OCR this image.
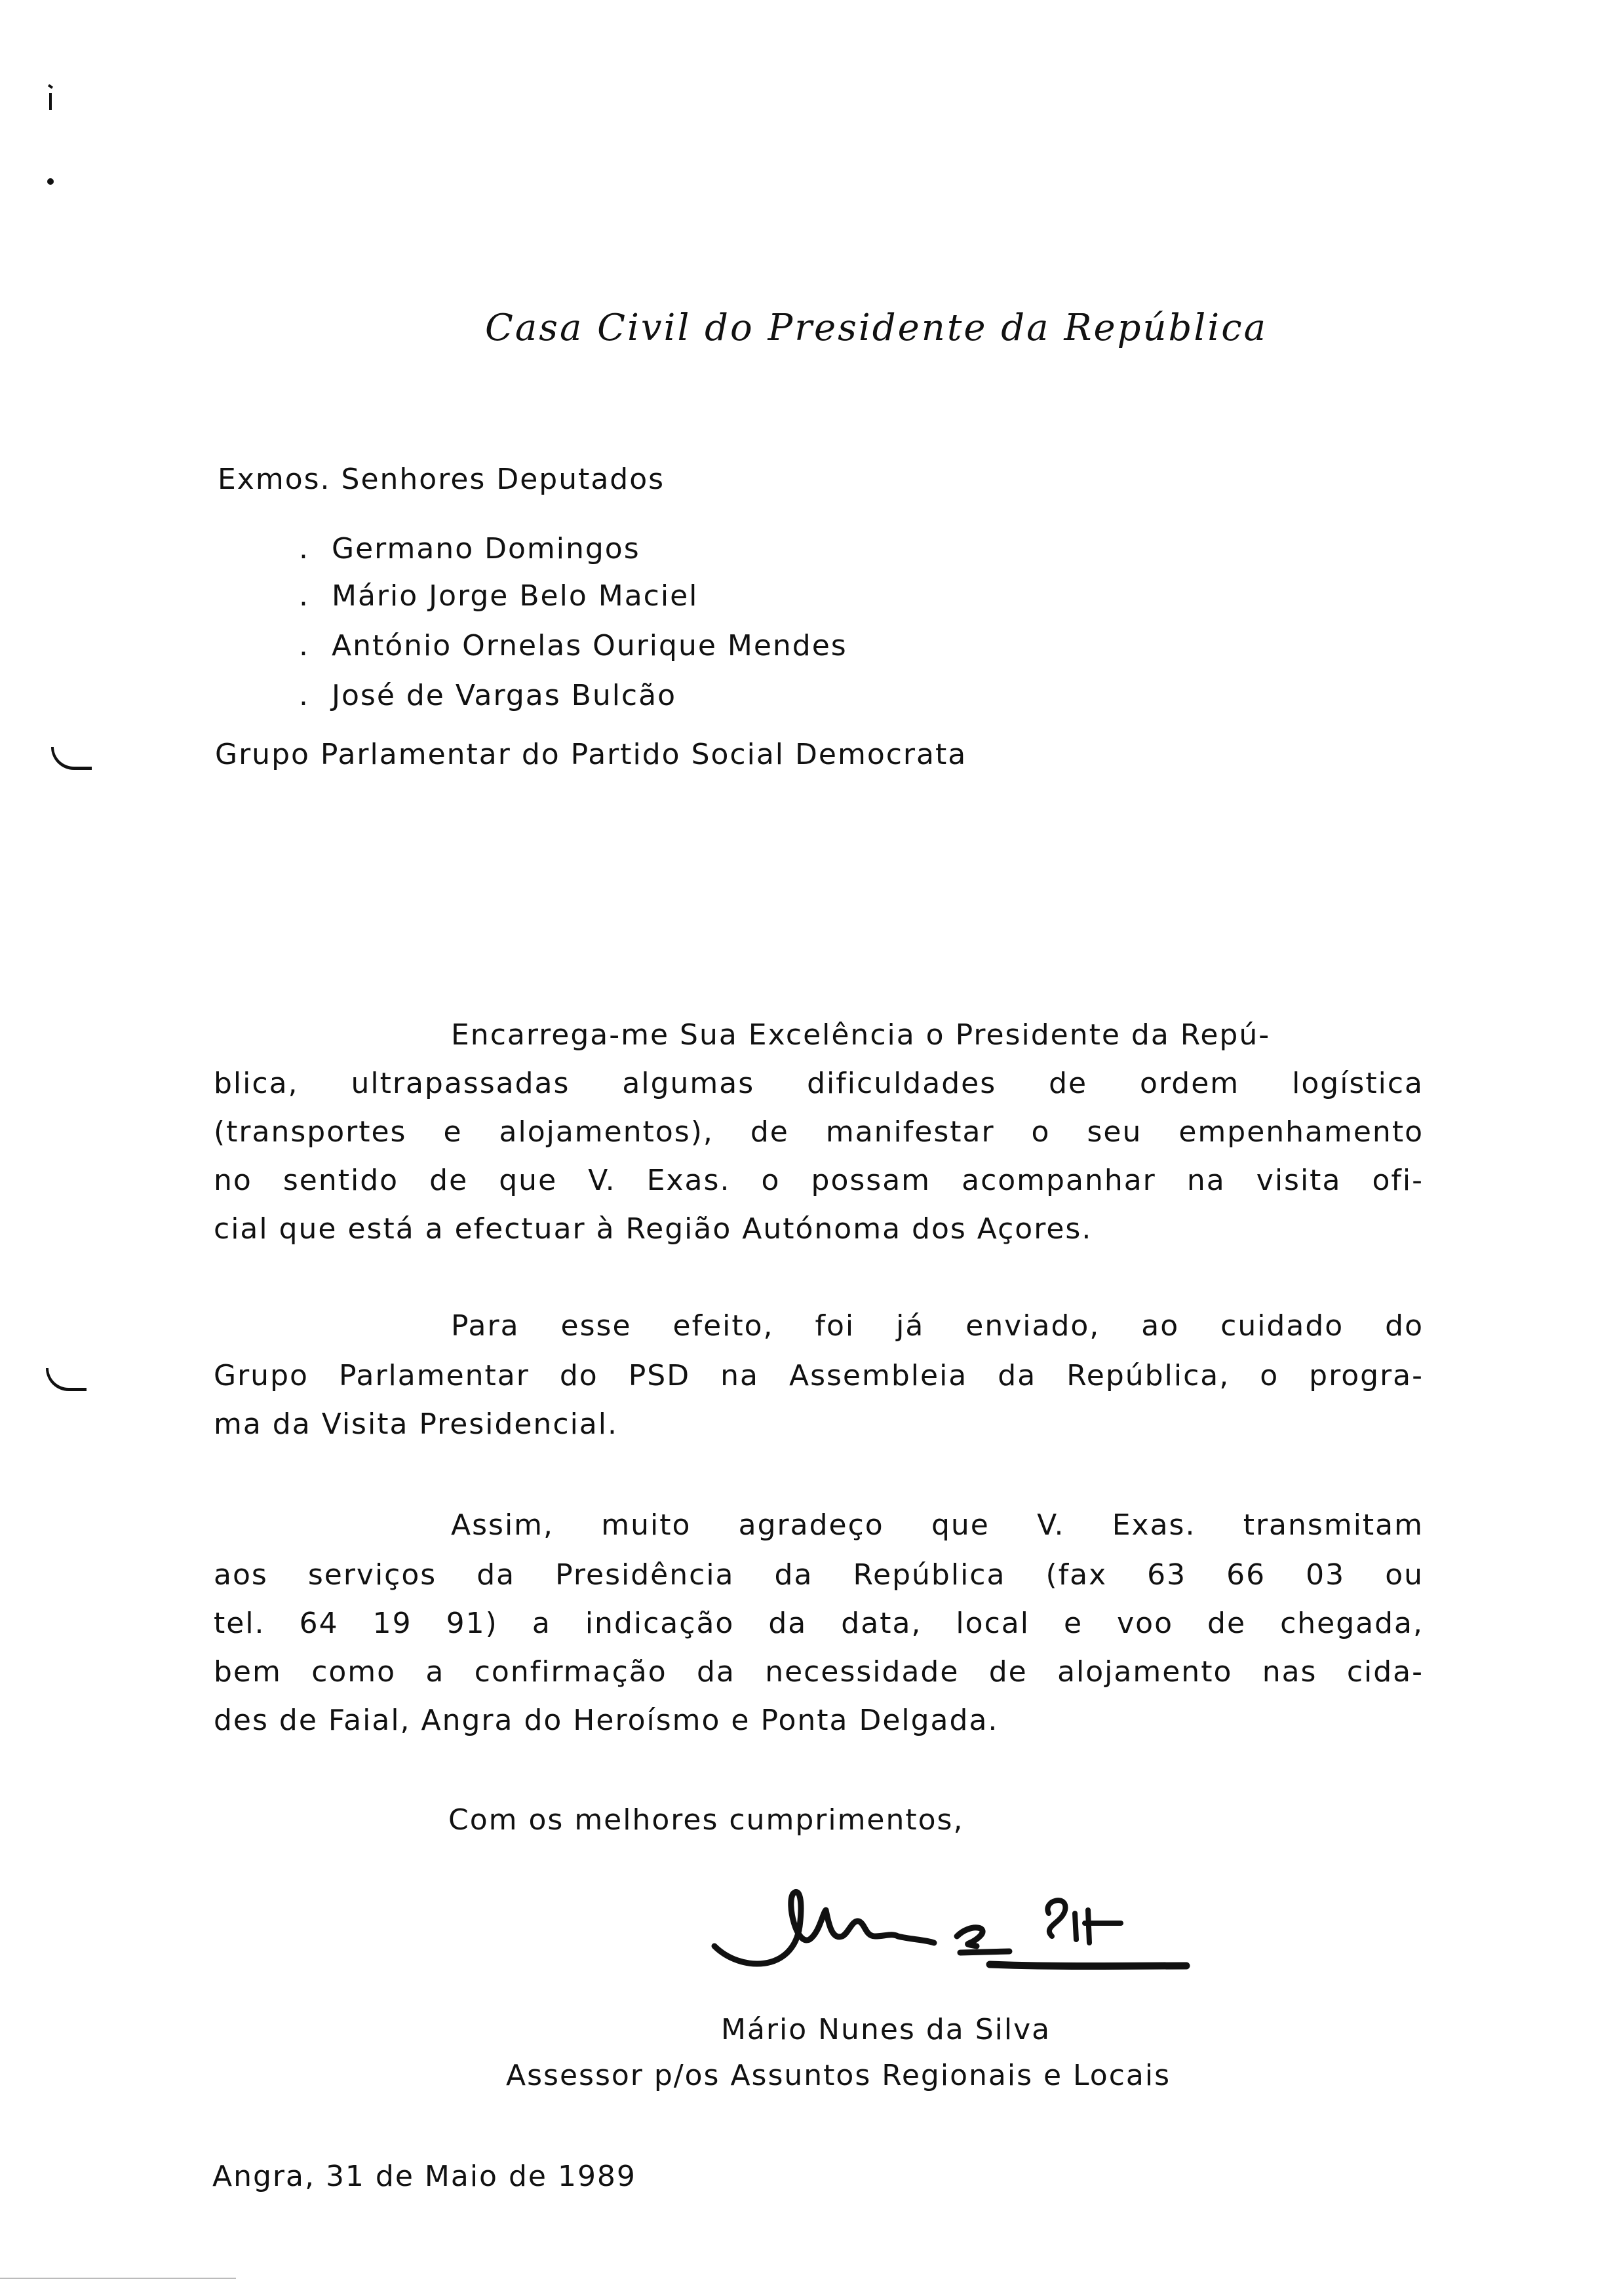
Casa Civil do Presidente da República
Exmos. Senhores Deputados
. Germano Domingos
. Mário Jorge Belo Maciel
. António Ornelas Ourique Mendes
. José de Vargas Bulcão
Grupo Parlamentar do Partido Social Democrata
Encarrega-me Sua Excelência o Presidente da Repú-
blica, ultrapassadas algumas dificuldades de ordem logística
(transportes e alojamentos), de manifestar o seu empenhamento
no sentido de que V. Exas. o possam acompanhar na visita ofi-
cial que está a efectuar à Região Autónoma dos Açores.
Para esse efeito, foi já enviado, ao cuidado do
Grupo Parlamentar do PSD na Assembleia da República, o progra-
ma da Visita Presidencial.
Assim, muito agradeço que V. Exas. transmitam
aos serviços da Presidência da República (fax 63 66 03 ou
tel. 64 19 91) a indicação da data, local e voo de chegada,
bem como a confirmação da necessidade de alojamento nas cida-
des de Faial, Angra do Heroísmo e Ponta Delgada.
Com os melhores cumprimentos,
Mário Nunes da Silva
Assessor p/os Assuntos Regionais e Locais
Angra, 31 de Maio de 1989
